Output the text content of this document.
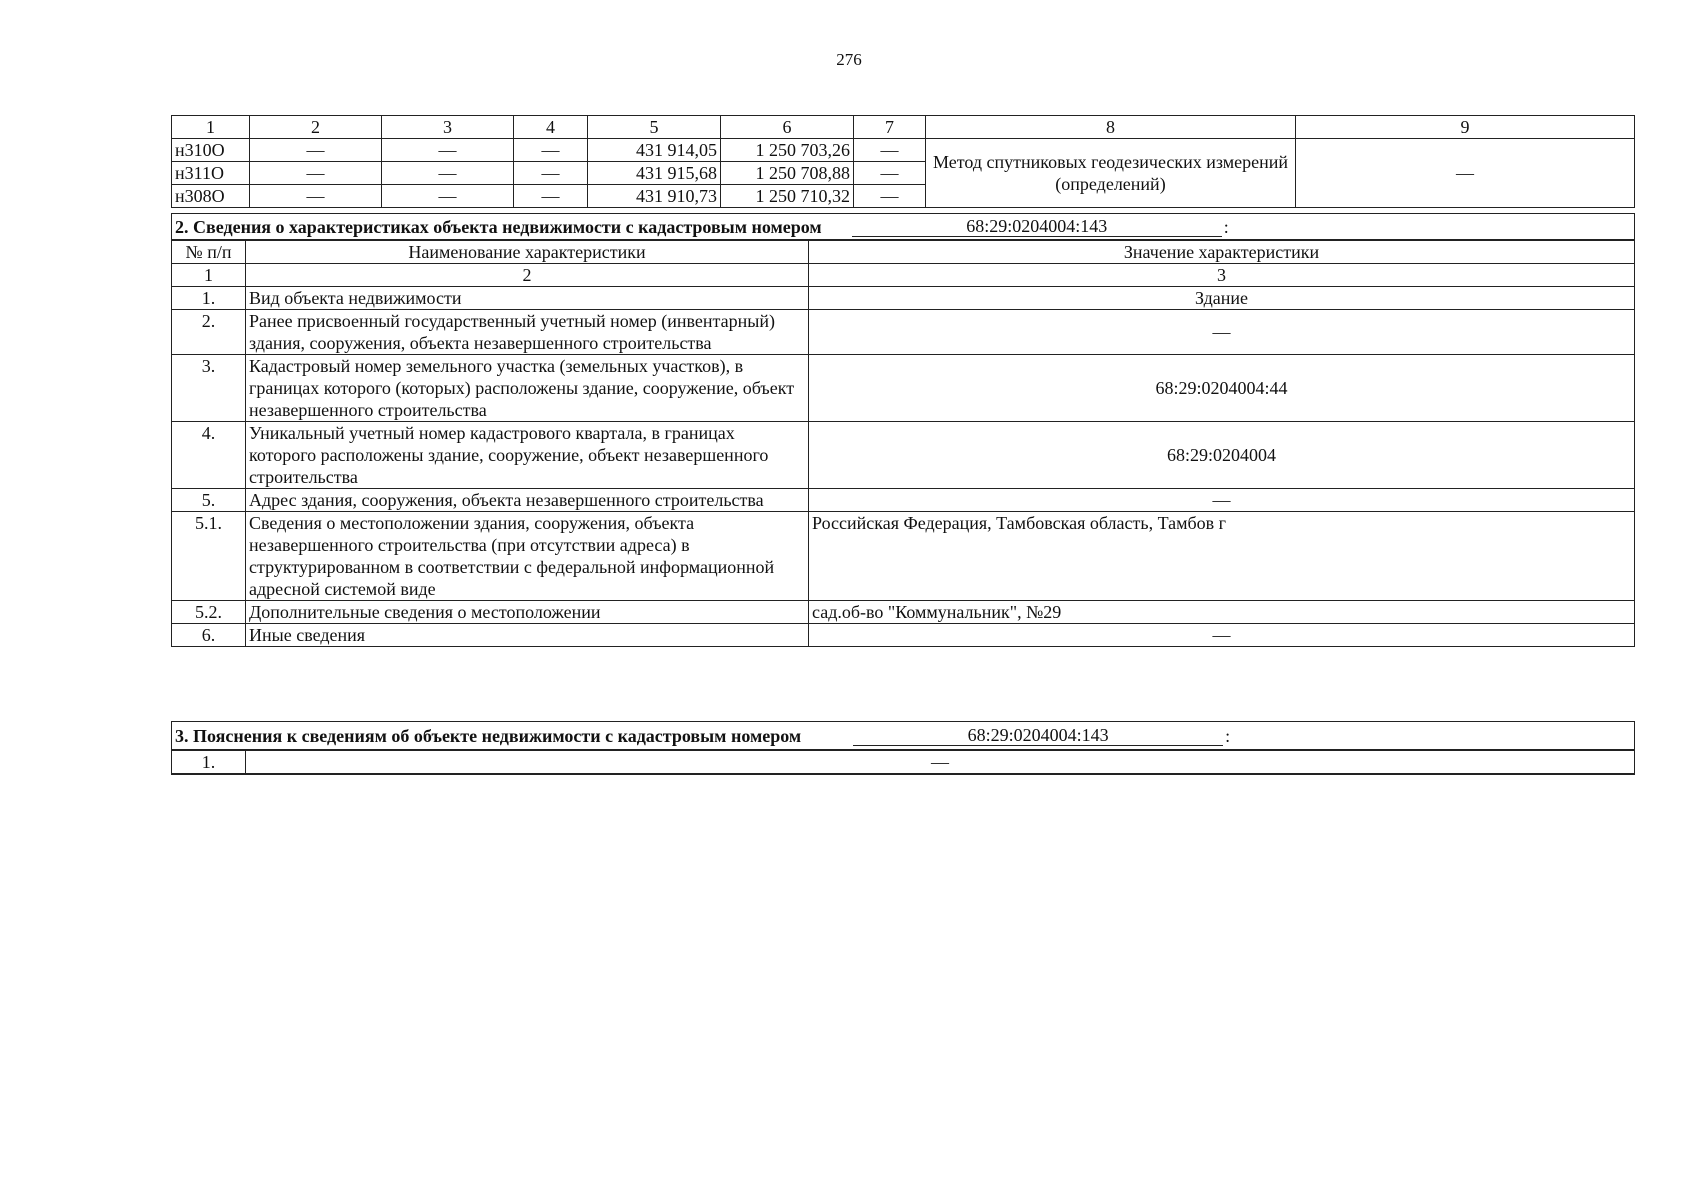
276
1	2	3	4	5	6	7	8	9
н310О	—	—	—	431 914,05	1 250 703,26	—	Метод спутниковых геодезических измерений (определений)	—
н311О	—	—	—	431 915,68	1 250 708,88	—		
н308О	—	—	—	431 910,73	1 250 710,32	—		
2. Сведения о характеристиках объекта недвижимости с кадастровым номером 68:29:0204004:143 :		

№ п/п	Наименование характеристики	Значение характеристики
1	2	3
1.	Вид объекта недвижимости	Здание
2.	Ранее присвоенный государственный учетный номер (инвентарный) здания, сооружения, объекта незавершенного строительства	—
3.	Кадастровый номер земельного участка (земельных участков), в границах которого (которых) расположены здание, сооружение, объект незавершенного строительства	68:29:0204004:44
4.	Уникальный учетный номер кадастрового квартала, в границах которого расположены здание, сооружение, объект незавершенного строительства	68:29:0204004
5.	Адрес здания, сооружения, объекта незавершенного строительства	—
5.1.	Сведения о местоположении здания, сооружения, объекта незавершенного строительства (при отсутствии адреса) в структурированном в соответствии с федеральной информационной адресной системой виде	Российская Федерация, Тамбовская область, Тамбов г
5.2.	Дополнительные сведения о местоположении	сад.об-во "Коммунальник", №29
6.	Иные сведения	—
3. Пояснения к сведениям об объекте недвижимости с кадастровым номером	68:29:0204004:143	:

1.	—
